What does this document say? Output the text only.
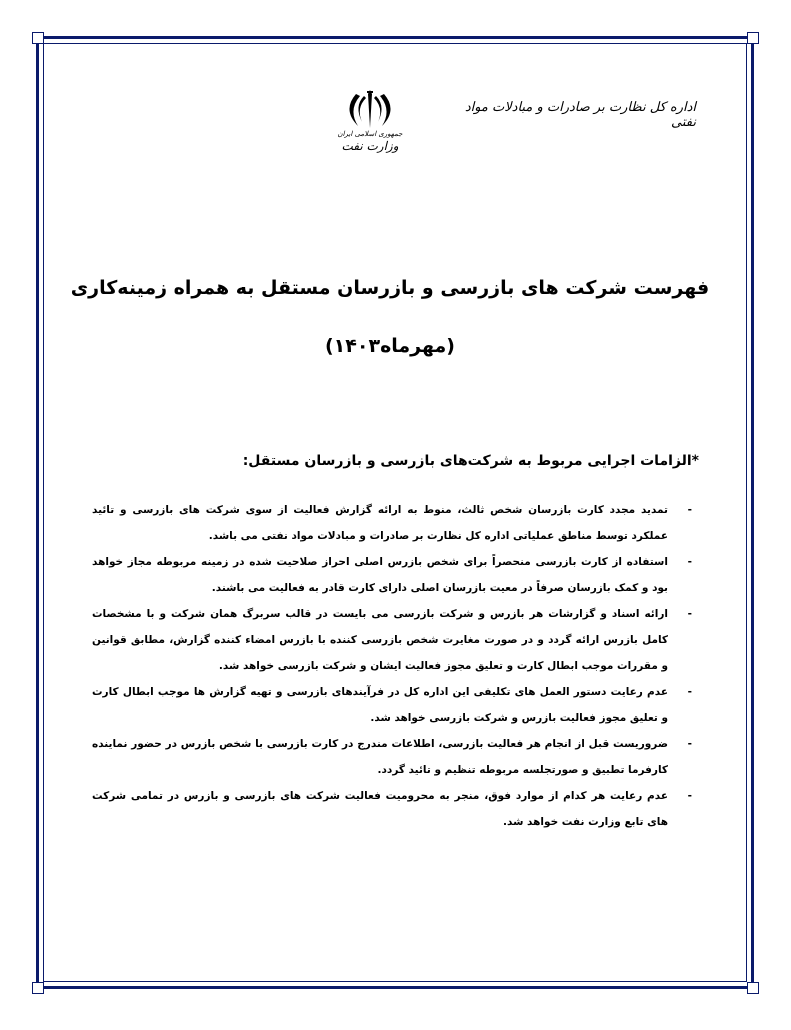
اداره کل نظارت بر صادرات و مبادلات مواد نفتی
جمهوری اسلامی ایران
وزارت نفت
فهرست شرکت های بازرسی و بازرسان مستقل به همراه زمینه‌کاری
(مهرماه۱۴۰۳)
*الزامات اجرایی مربوط به شرکت‌های بازرسی و بازرسان مستقل:
-
تمدید مجدد کارت بازرسان شخص ثالث، منوط به ارائه گزارش فعالیت از سوی شرکت های بازرسی و تائید عملکرد توسط مناطق عملیاتی اداره کل نظارت بر صادرات و مبادلات مواد نفتی می باشد.
-
استفاده از کارت بازرسی منحصراً برای شخص بازرس اصلی احراز صلاحیت شده در زمینه مربوطه مجاز خواهد بود و کمک بازرسان صرفاً در معیت بازرسان اصلی دارای کارت قادر به فعالیت می باشند.
-
ارائه اسناد و گزارشات هر بازرس و شرکت بازرسی می بایست در قالب سربرگ همان شرکت و با مشخصات کامل بازرس ارائه گردد و در صورت مغایرت شخص بازرسی کننده با بازرس امضاء کننده گزارش، مطابق قوانین و مقررات موجب ابطال کارت و تعلیق مجوز فعالیت ایشان و شرکت بازرسی خواهد شد.
-
عدم رعایت دستور العمل های تکلیفی این اداره کل در فرآیندهای بازرسی و تهیه گزارش ها موجب ابطال کارت و تعلیق مجوز فعالیت بازرس و شرکت بازرسی خواهد شد.
-
ضروریست قبل از انجام هر فعالیت بازرسی، اطلاعات مندرج در کارت بازرسی با شخص بازرس در حضور نماینده کارفرما تطبیق و صورتجلسه مربوطه تنظیم و تائید گردد.
-
عدم رعایت هر کدام از موارد فوق، منجر به محرومیت فعالیت شرکت های بازرسی و بازرس در تمامی شرکت های تابع وزارت نفت خواهد شد.
